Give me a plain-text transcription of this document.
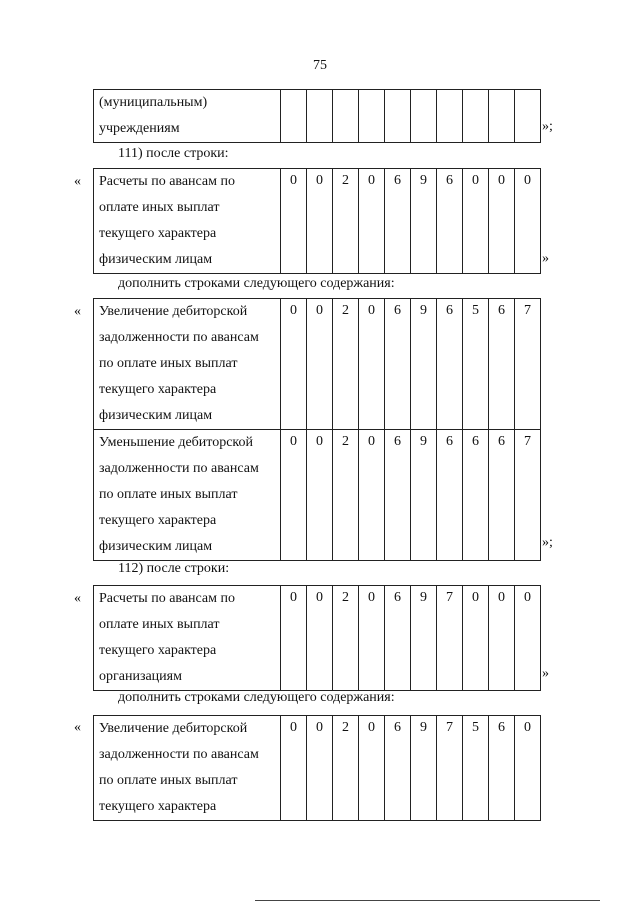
75
(муниципальным)
учреждениям
											»;
111) после строки:
«	Расчеты по авансам по
оплате иных выплат
текущего характера
физическим лицам
	0	0	2	0	6	9	6	0	0	0
»
дополнить строками следующего содержания:
«	Увеличение дебиторской
задолженности по авансам
по оплате иных выплат
текущего характера
физическим лицам	0	0	2	0	6	9	6	5	6	7

Уменьшение дебиторской
задолженности по авансам
по оплате иных выплат
текущего характера
физическим лицам	0	0	2	0	6	9	6	6	6	7
»;
112) после строки:
«	Расчеты по авансам по
оплате иных выплат
текущего характера
организациям
	0	0	2	0	6	9	7	0	0	0
»
дополнить строками следующего содержания:
«	Увеличение дебиторской
задолженности по авансам
по оплате иных выплат
текущего характера
	0	0	2	0	6	9	7	5	6	0
